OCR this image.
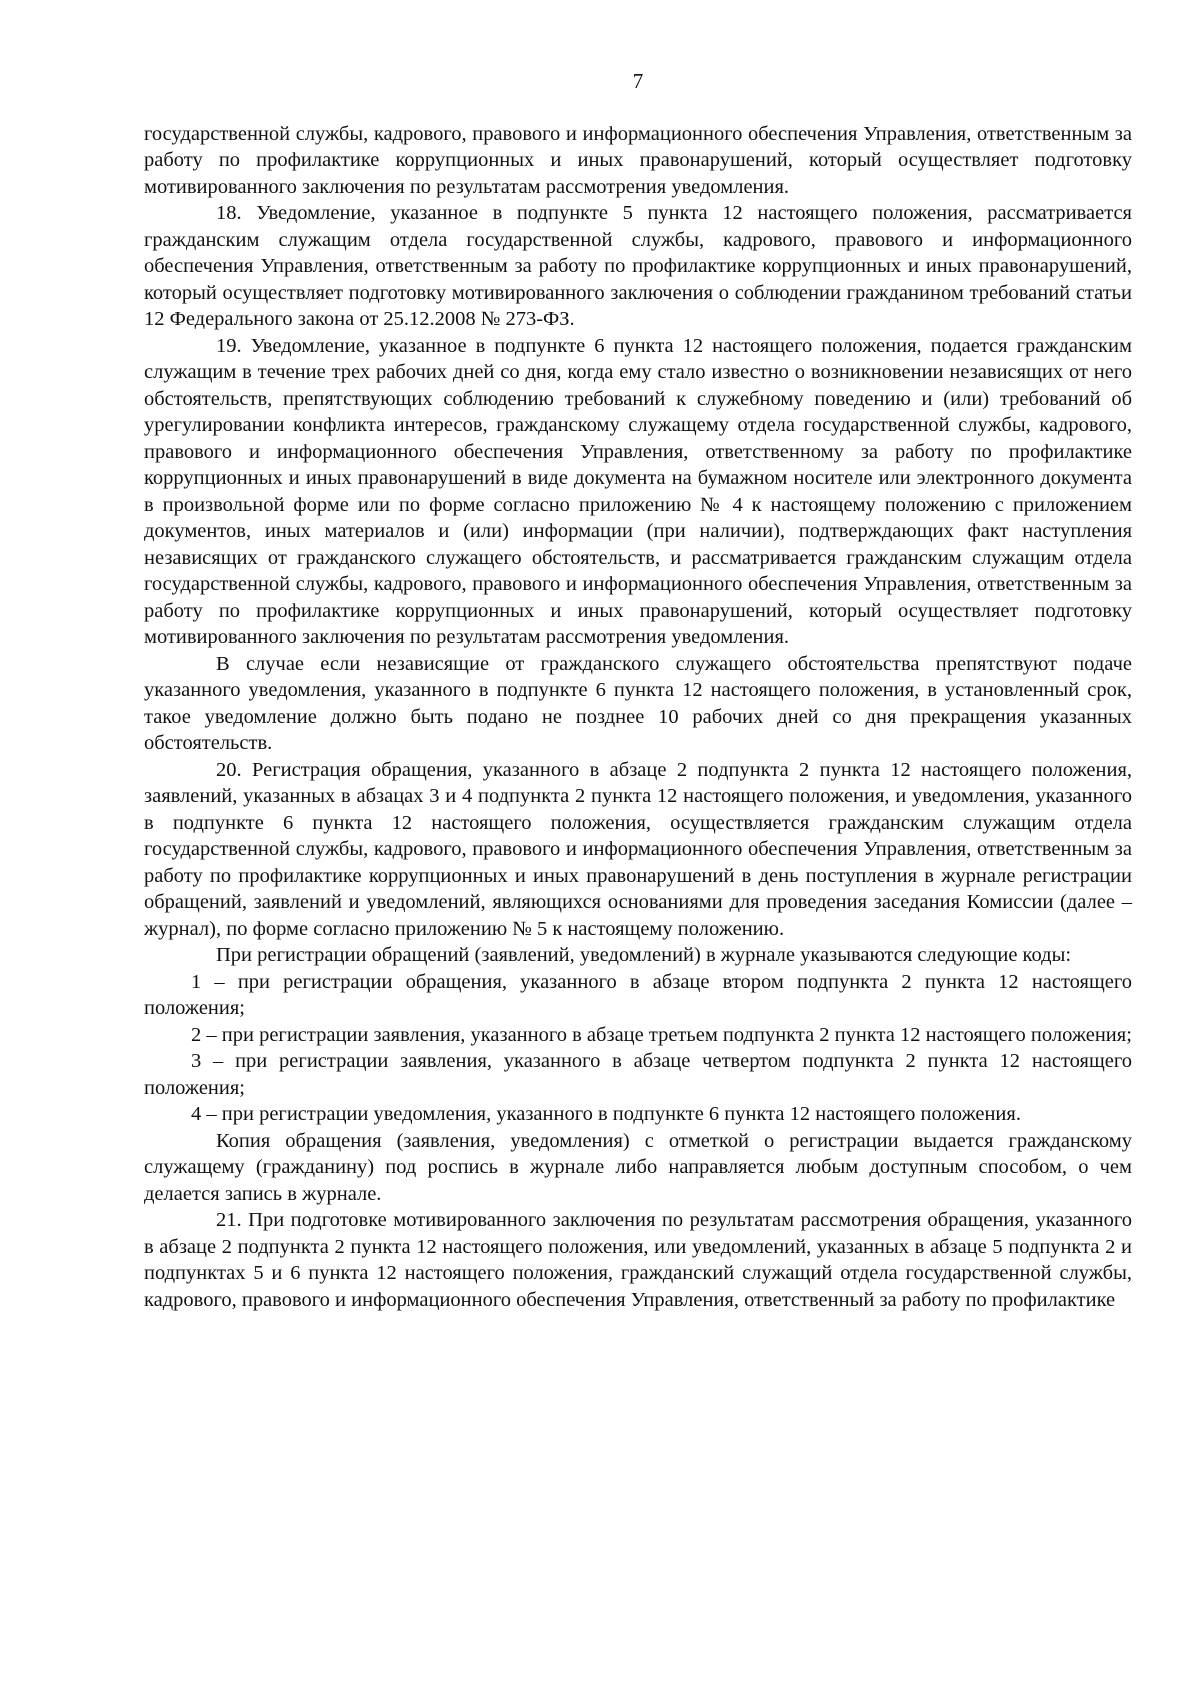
7

государственной службы, кадрового, правового и информационного обеспечения Управления, ответственным за работу по профилактике коррупционных и иных правонарушений, который осуществляет подготовку мотивированного заключения по результатам рассмотрения уведомления.

18. Уведомление, указанное в подпункте 5 пункта 12 настоящего положения, рассматривается гражданским служащим отдела государственной службы, кадрового, правового и информационного обеспечения Управления, ответственным за работу по профилактике коррупционных и иных правонарушений, который осуществляет подготовку мотивированного заключения о соблюдении гражданином требований статьи 12 Федерального закона от 25.12.2008 № 273-ФЗ.

19. Уведомление, указанное в подпункте 6 пункта 12 настоящего положения, подается гражданским служащим в течение трех рабочих дней со дня, когда ему стало известно о возникновении независящих от него обстоятельств, препятствующих соблюдению требований к служебному поведению и (или) требований об урегулировании конфликта интересов, гражданскому служащему отдела государственной службы, кадрового, правового и информационного обеспечения Управления, ответственному за работу по профилактике коррупционных и иных правонарушений в виде документа на бумажном носителе или электронного документа в произвольной форме или по форме согласно приложению № 4 к настоящему положению с приложением документов, иных материалов и (или) информации (при наличии), подтверждающих факт наступления независящих от гражданского служащего обстоятельств, и рассматривается гражданским служащим отдела государственной службы, кадрового, правового и информационного обеспечения Управления, ответственным за работу по профилактике коррупционных и иных правонарушений, который осуществляет подготовку мотивированного заключения по результатам рассмотрения уведомления.

В случае если независящие от гражданского служащего обстоятельства препятствуют подаче указанного уведомления, указанного в подпункте 6 пункта 12 настоящего положения, в установленный срок, такое уведомление должно быть подано не позднее 10 рабочих дней со дня прекращения указанных обстоятельств.

20. Регистрация обращения, указанного в абзаце 2 подпункта 2 пункта 12 настоящего положения, заявлений, указанных в абзацах 3 и 4 подпункта 2 пункта 12 настоящего положения, и уведомления, указанного в подпункте 6 пункта 12 настоящего положения, осуществляется гражданским служащим отдела государственной службы, кадрового, правового и информационного обеспечения Управления, ответственным за работу по профилактике коррупционных и иных правонарушений в день поступления в журнале регистрации обращений, заявлений и уведомлений, являющихся основаниями для проведения заседания Комиссии (далее – журнал), по форме согласно приложению № 5 к настоящему положению.

При регистрации обращений (заявлений, уведомлений) в журнале указываются следующие коды:

1 – при регистрации обращения, указанного в абзаце втором подпункта 2 пункта 12 настоящего положения;

2 – при регистрации заявления, указанного в абзаце третьем подпункта 2 пункта 12 настоящего положения;

3 – при регистрации заявления, указанного в абзаце четвертом подпункта 2 пункта 12 настоящего положения;

4 – при регистрации уведомления, указанного в подпункте 6 пункта 12 настоящего положения.

Копия обращения (заявления, уведомления) с отметкой о регистрации выдается гражданскому служащему (гражданину) под роспись в журнале либо направляется любым доступным способом, о чем делается запись в журнале.

21. При подготовке мотивированного заключения по результатам рассмотрения обращения, указанного в абзаце 2 подпункта 2 пункта 12 настоящего положения, или уведомлений, указанных в абзаце 5 подпункта 2 и подпунктах 5 и 6 пункта 12 настоящего положения, гражданский служащий отдела государственной службы, кадрового, правового и информационного обеспечения Управления, ответственный за работу по профилактике
